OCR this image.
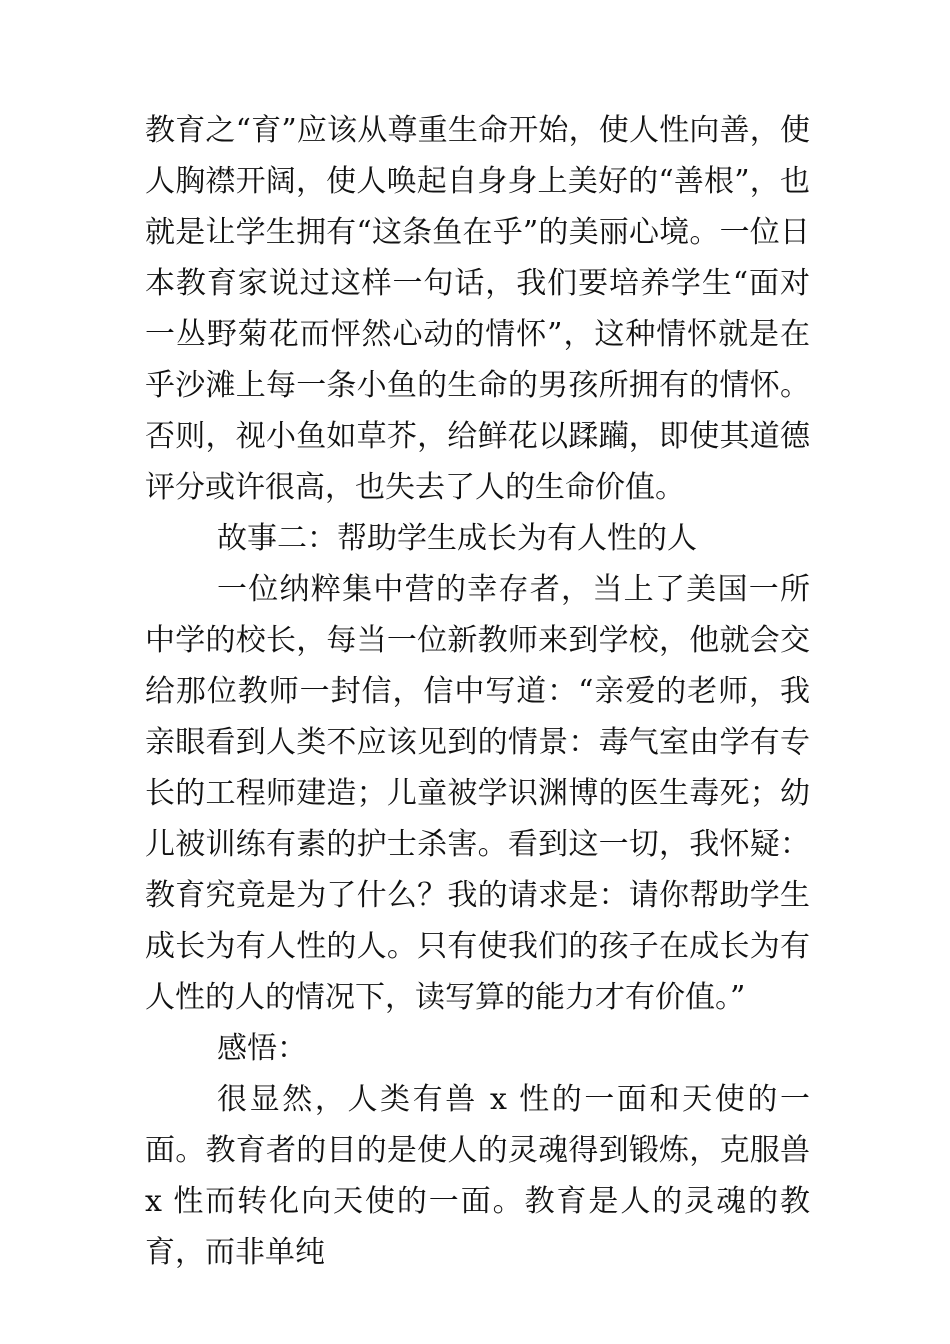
教育之“育”应该从尊重生命开始，使人性向善，使人胸襟开阔，使人唤起自身身上美好的“善根”，也就是让学生拥有“这条鱼在乎”的美丽心境。一位日本教育家说过这样一句话，我们要培养学生“面对一丛野菊花而怦然心动的情怀”，这种情怀就是在乎沙滩上每一条小鱼的生命的男孩所拥有的情怀。否则，视小鱼如草芥，给鲜花以蹂躏，即使其道德评分或许很高，也失去了人的生命价值。

故事二：帮助学生成长为有人性的人

一位纳粹集中营的幸存者，当上了美国一所中学的校长，每当一位新教师来到学校，他就会交给那位教师一封信，信中写道：“亲爱的老师，我亲眼看到人类不应该见到的情景：毒气室由学有专长的工程师建造；儿童被学识渊博的医生毒死；幼儿被训练有素的护士杀害。看到这一切，我怀疑：教育究竟是为了什么？我的请求是：请你帮助学生成长为有人性的人。只有使我们的孩子在成长为有人性的人的情况下，读写算的能力才有价值。”

感悟：

很显然，人类有兽 x 性的一面和天使的一面。教育者的目的是使人的灵魂得到锻炼，克服兽 x 性而转化向天使的一面。教育是人的灵魂的教育，而非单纯
